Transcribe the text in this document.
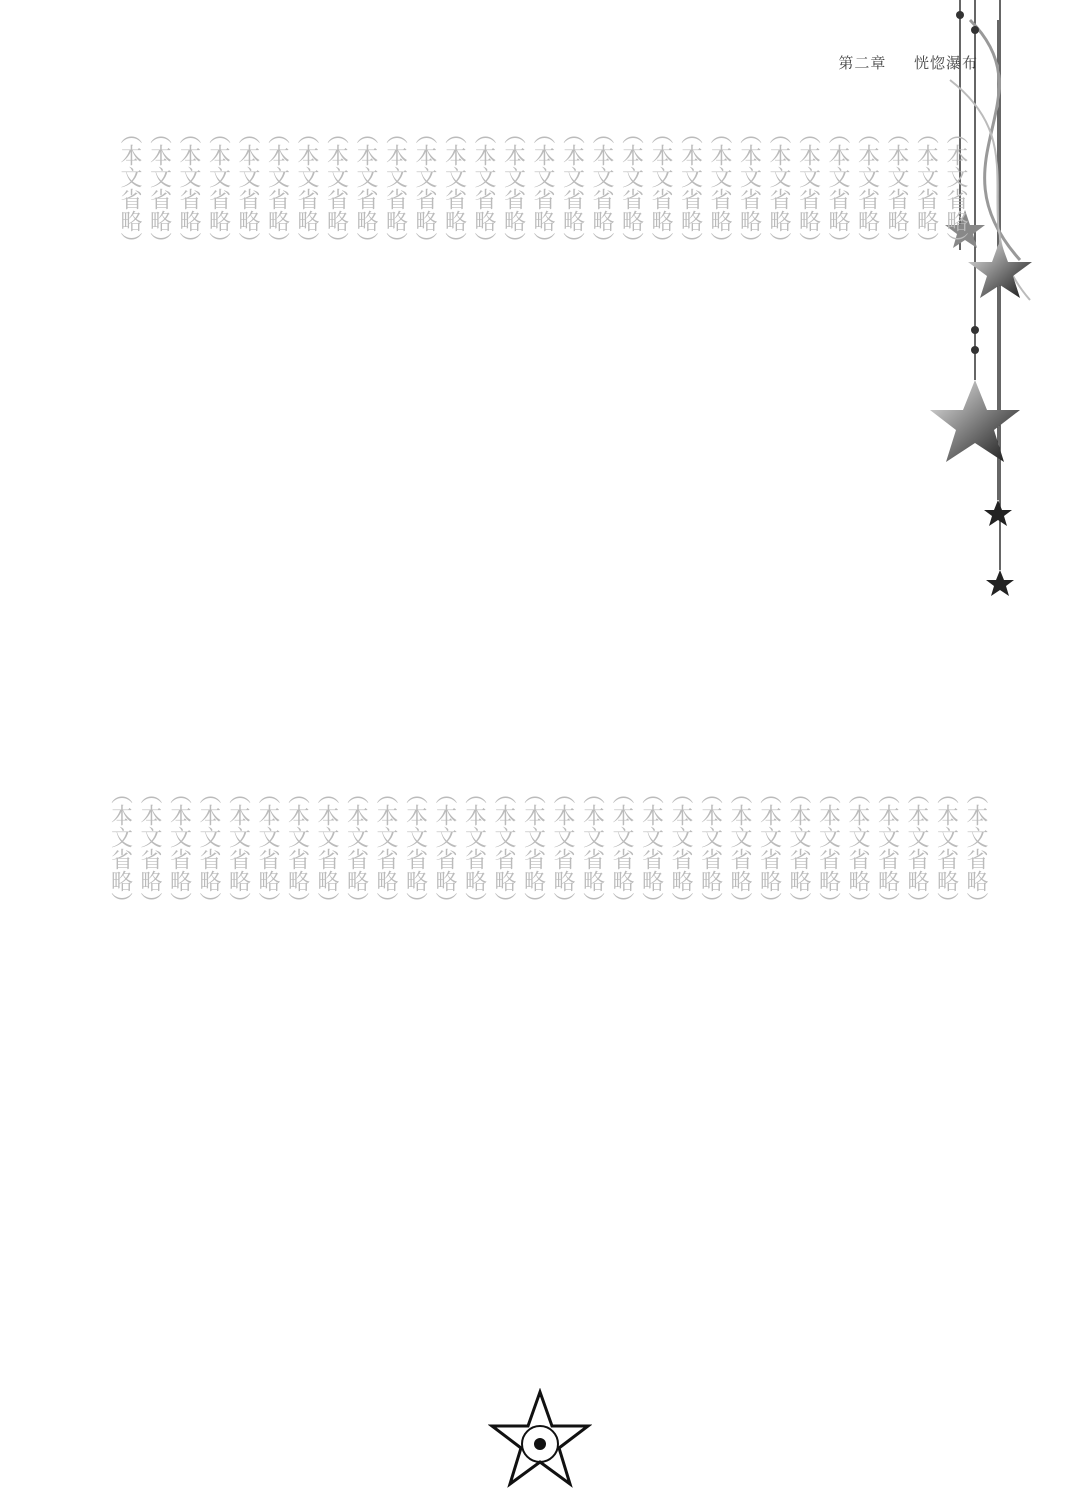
第二章 　 恍惚瀑布
（本文省略）
（本文省略）
（本文省略）
（本文省略）
（本文省略）
（本文省略）
（本文省略）
（本文省略）
（本文省略）
（本文省略）
（本文省略）
（本文省略）
（本文省略）
（本文省略）
（本文省略）
（本文省略）
（本文省略）
（本文省略）
（本文省略）
（本文省略）
（本文省略）
（本文省略）
（本文省略）
（本文省略）
（本文省略）
（本文省略）
（本文省略）
（本文省略）
（本文省略）
（本文省略）
（本文省略）
（本文省略）
（本文省略）
（本文省略）
（本文省略）
（本文省略）
（本文省略）
（本文省略）
（本文省略）
（本文省略）
（本文省略）
（本文省略）
（本文省略）
（本文省略）
（本文省略）
（本文省略）
（本文省略）
（本文省略）
（本文省略）
（本文省略）
（本文省略）
（本文省略）
（本文省略）
（本文省略）
（本文省略）
（本文省略）
（本文省略）
（本文省略）
（本文省略）
